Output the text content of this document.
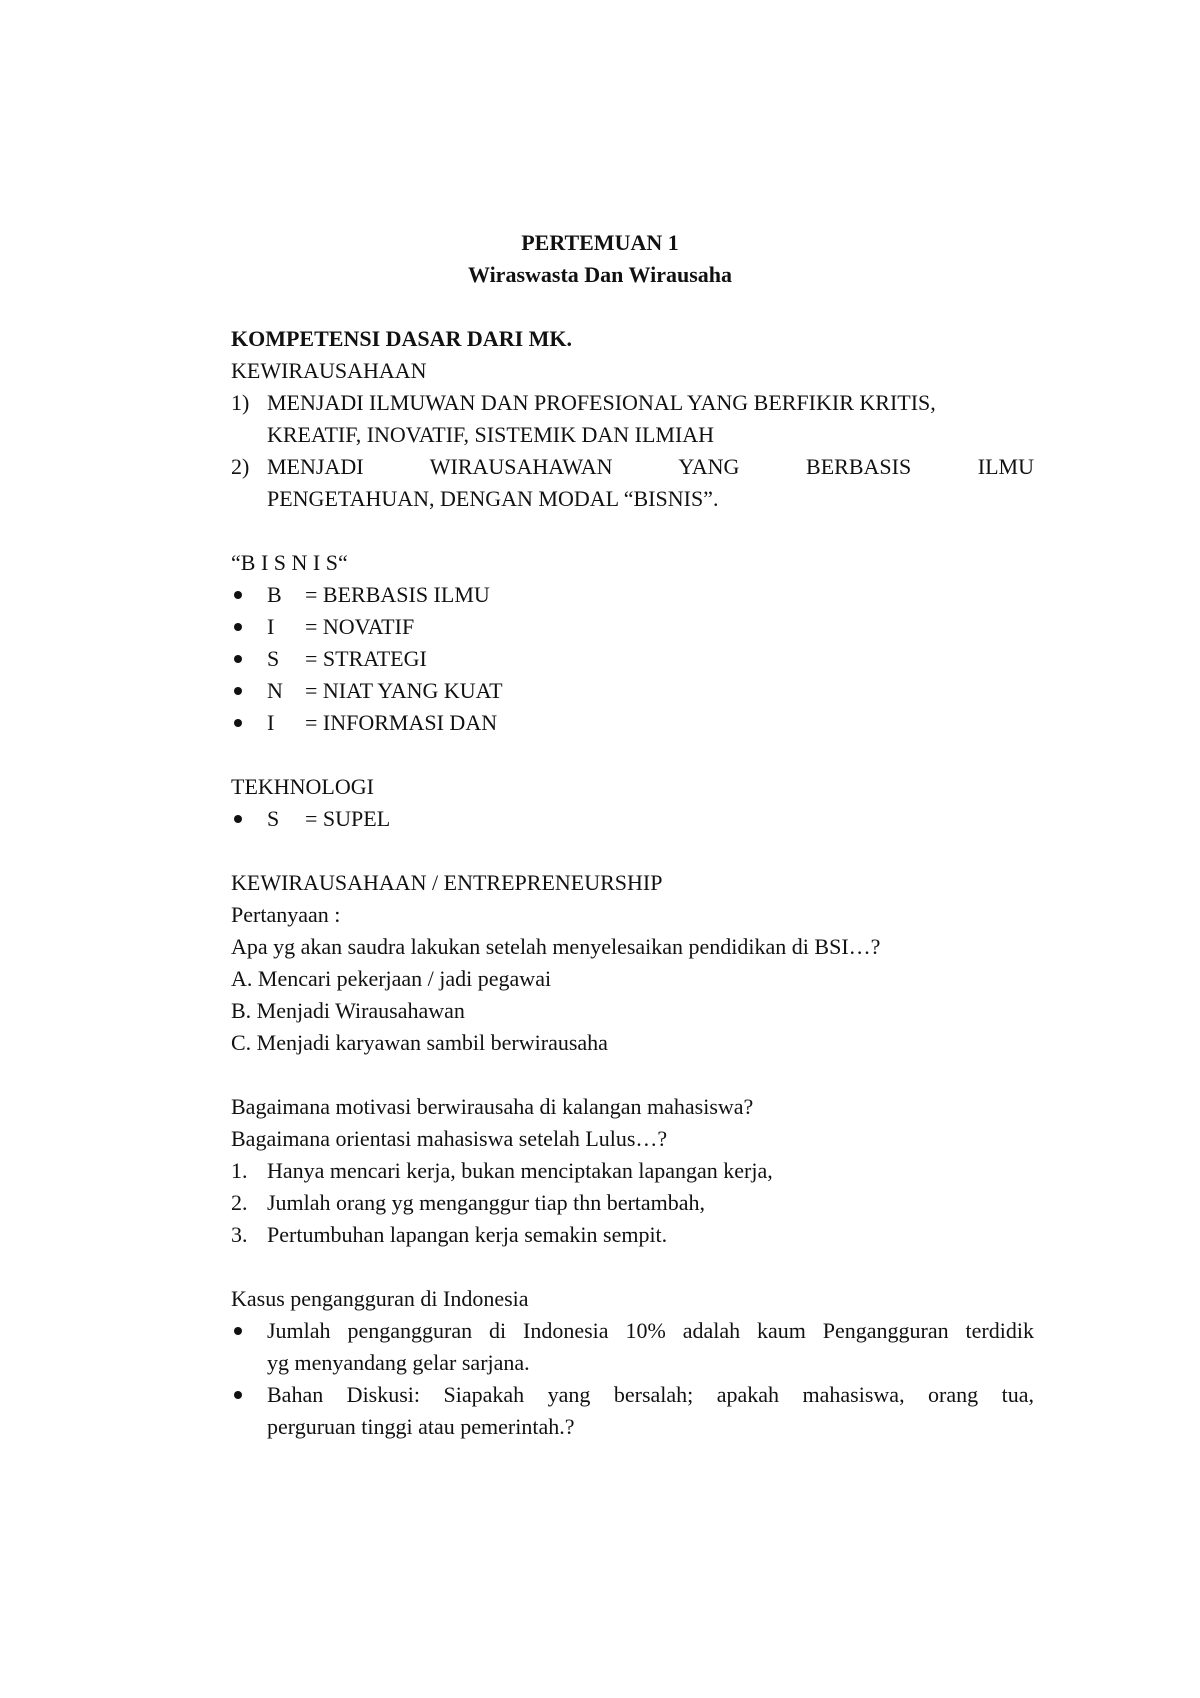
PERTEMUAN 1
Wiraswasta Dan Wirausaha
KOMPETENSI DASAR DARI MK.
KEWIRAUSAHAAN
1) MENJADI ILMUWAN DAN PROFESIONAL YANG BERFIKIR KRITIS,
KREATIF, INOVATIF, SISTEMIK DAN ILMIAH
2) MENJADI WIRAUSAHAWAN YANG BERBASIS ILMU
PENGETAHUAN, DENGAN MODAL “BISNIS”.
“B I S N I S“
B = BERBASIS ILMU
I = NOVATIF
S = STRATEGI
N = NIAT YANG KUAT
I = INFORMASI DAN
TEKHNOLOGI
S = SUPEL
KEWIRAUSAHAAN / ENTREPRENEURSHIP
Pertanyaan :
Apa yg akan saudra lakukan setelah menyelesaikan pendidikan di BSI…?
A. Mencari pekerjaan / jadi pegawai
B. Menjadi Wirausahawan
C. Menjadi karyawan sambil berwirausaha
Bagaimana motivasi berwirausaha di kalangan mahasiswa?
Bagaimana orientasi mahasiswa setelah Lulus…?
1. Hanya mencari kerja, bukan menciptakan lapangan kerja,
2. Jumlah orang yg menganggur tiap thn bertambah,
3. Pertumbuhan lapangan kerja semakin sempit.
Kasus pengangguran di Indonesia
Jumlah pengangguran di Indonesia 10% adalah kaum Pengangguran terdidik
yg menyandang gelar sarjana.
Bahan Diskusi: Siapakah yang bersalah; apakah mahasiswa, orang tua,
perguruan tinggi atau pemerintah.?
